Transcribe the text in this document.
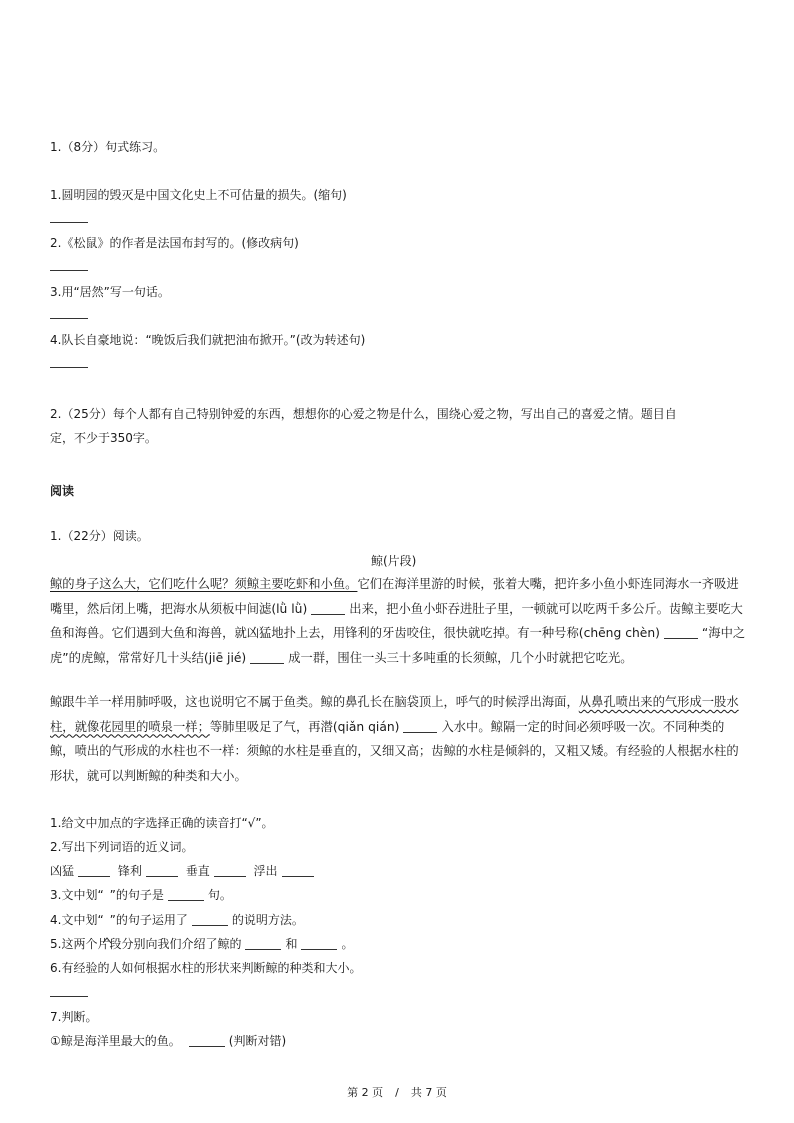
1.（8分）句式练习。
1.圆明园的毁灭是中国文化史上不可估量的损失。(缩句)
2.《松鼠》的作者是法国布封写的。(修改病句)
3.用“居然”写一句话。
4.队长自豪地说：“晚饭后我们就把油布掀开。”(改为转述句)
2.（25分）每个人都有自己特别钟爱的东西，想想你的心爱之物是什么，围绕心爱之物，写出自己的喜爱之情。题目自
定，不少于350字。
阅读
1.（22分）阅读。
鲸(片段)
鲸的身子这么大，它们吃什么呢？须鲸主要吃虾和小鱼。它们在海洋里游的时候，张着大嘴，把许多小鱼小虾连同海水一齐吸进嘴里，然后闭上嘴，把海水从须板中间滤(lǜ lǜ)	出来，把小鱼小虾吞进肚子里，一顿就可以吃两千多公斤。齿鲸主要吃大鱼和海兽。它们遇到大鱼和海兽，就凶猛地扑上去，用锋利的牙齿咬住，很快就吃掉。有一种号称(chēng chèn)	“海中之虎”的虎鲸，常常好几十头结(jiē jié)	成一群，围住一头三十多吨重的长须鲸，几个小时就把它吃光。
鲸跟牛羊一样用肺呼吸，这也说明它不属于鱼类。鲸的鼻孔长在脑袋顶上，呼气的时候浮出海面，从鼻孔喷出来的气形成一股水柱，就像花园里的喷泉一样；等肺里吸足了气，再潜(qiǎn qián)	入水中。鲸隔一定的时间必须呼吸一次。不同种类的鲸，喷出的气形成的水柱也不一样：须鲸的水柱是垂直的，又细又高；齿鲸的水柱是倾斜的，又粗又矮。有经验的人根据水柱的形状，就可以判断鲸的种类和大小。
1.给文中加点的字选择正确的读音打“√”。
2.写出下列词语的近义词。
凶猛	锋利	垂直	浮出
3.文中划“ ”的句子是	句。
4.文中划“ ”的句子运用了	的说明方法。
5.这两个片段分别向我们介绍了鲸的	和	。
6.有经验的人如何根据水柱的形状来判断鲸的种类和大小。
7.判断。
①鲸是海洋里最大的鱼。	(判断对错)
第 2 页 / 共 7 页
